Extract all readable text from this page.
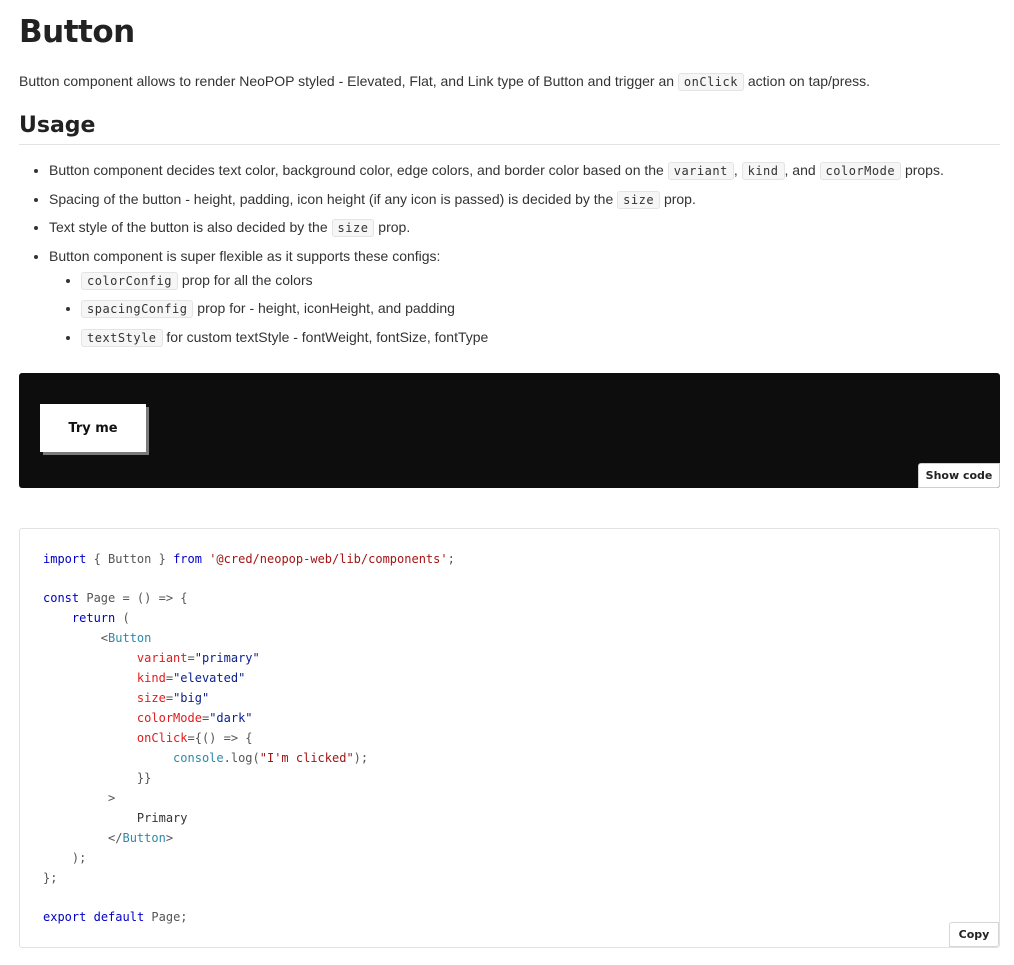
Button
Button component allows to render NeoPOP styled - Elevated, Flat, and Link type of Button and trigger an onClick action on tap/press.
Usage
• Button component decides text color, background color, edge colors, and border color based on the variant , kind , and colorMode props.
• Spacing of the button - height, padding, icon height (if any icon is passed) is decided by the size prop.
• Text style of the button is also decided by the size prop.
• Button component is super flexible as it supports these configs:
• colorConfig prop for all the colors
• spacingConfig prop for - height, iconHeight, and padding
• textStyle for custom textStyle - fontWeight, fontSize, fontType
Try me
Show code
import { Button } from '@cred/neopop-web/lib/components';

const Page = () => {
return (
<Button
variant="primary"
kind="elevated"
size="big"
colorMode="dark"
onClick={() => {
console.log("I'm clicked");
}}
>
Primary
</Button>
);
};

export default Page;
Copy
